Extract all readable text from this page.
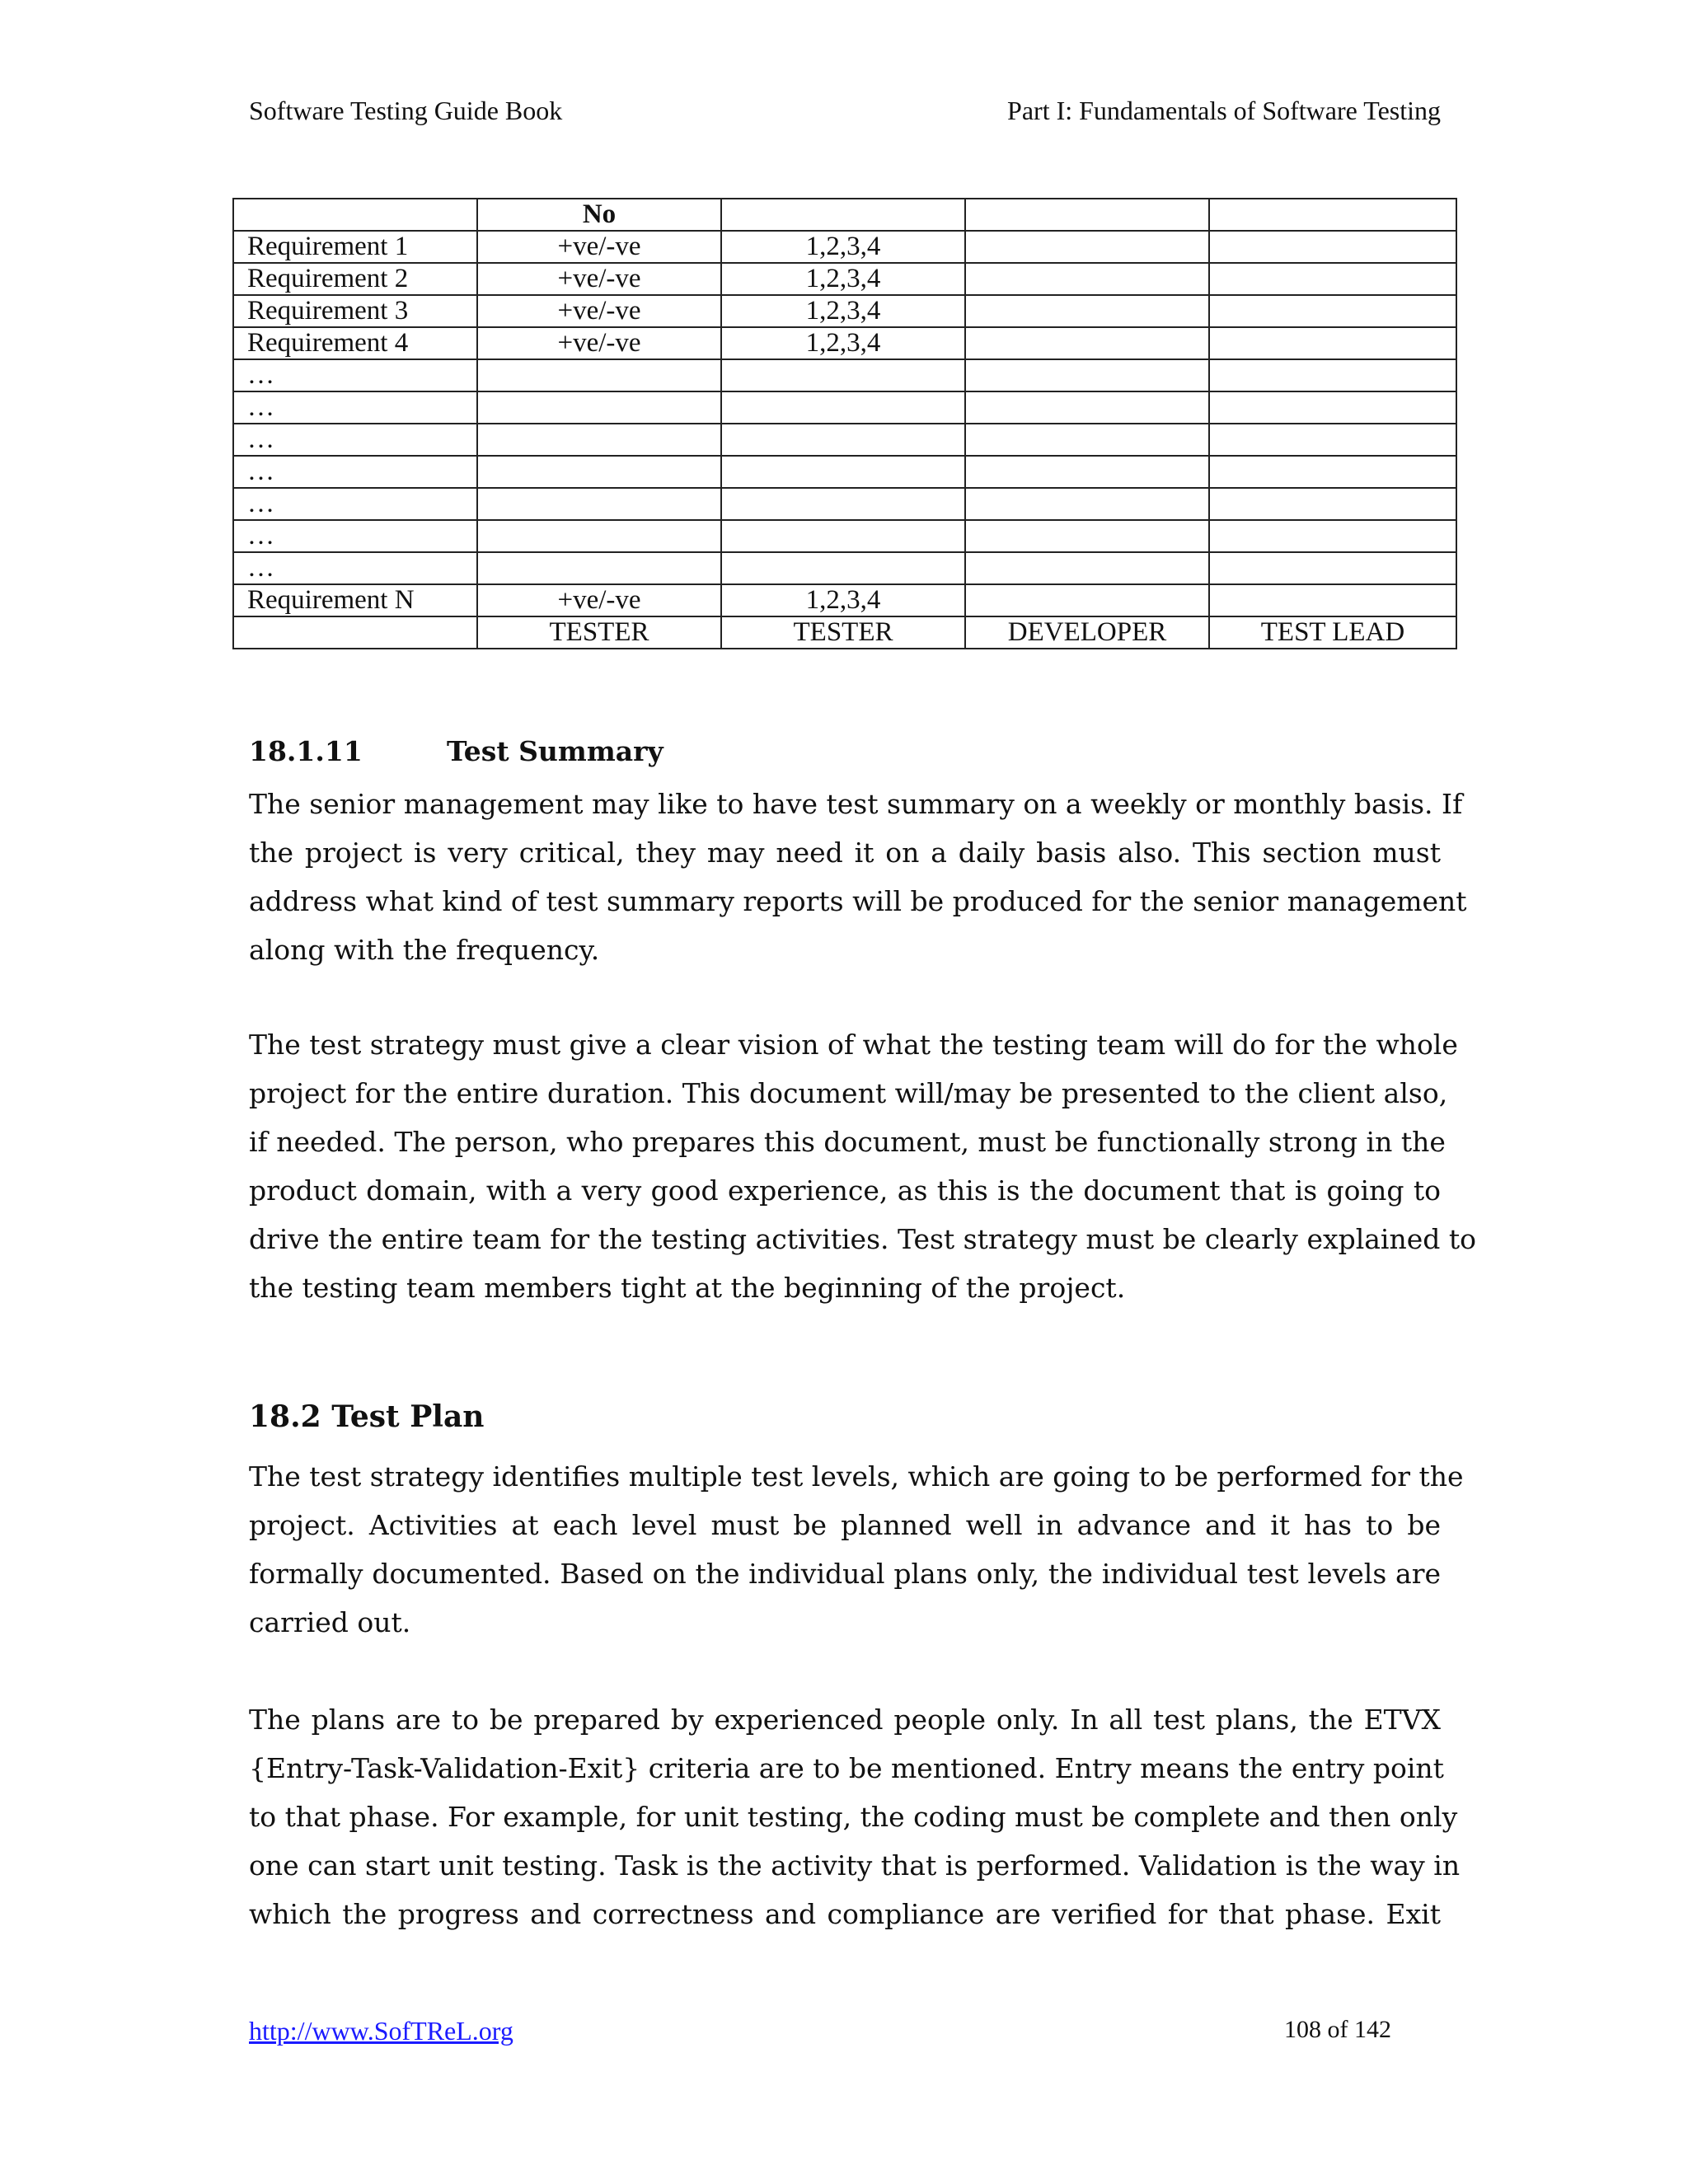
Software Testing Guide Book	Part I: Fundamentals of Software Testing
	No			
Requirement 1	+ve/-ve	1,2,3,4		
Requirement 2	+ve/-ve	1,2,3,4		
Requirement 3	+ve/-ve	1,2,3,4		
Requirement 4	+ve/-ve	1,2,3,4		
…				
…				
…				
…				
…				
…				
…				
Requirement N	+ve/-ve	1,2,3,4		
	TESTER	TESTER	DEVELOPER	TEST LEAD
18.1.11	Test Summary
The senior management may like to have test summary on a weekly or monthly basis. If
the project is very critical, they may need it on a daily basis also. This section must
address what kind of test summary reports will be produced for the senior management
along with the frequency.
The test strategy must give a clear vision of what the testing team will do for the whole
project for the entire duration. This document will/may be presented to the client also,
if needed. The person, who prepares this document, must be functionally strong in the
product domain, with a very good experience, as this is the document that is going to
drive the entire team for the testing activities. Test strategy must be clearly explained to
the testing team members tight at the beginning of the project.
18.2 Test Plan
The test strategy identifies multiple test levels, which are going to be performed for the
project. Activities at each level must be planned well in advance and it has to be
formally documented. Based on the individual plans only, the individual test levels are
carried out.
The plans are to be prepared by experienced people only. In all test plans, the ETVX
{Entry-Task-Validation-Exit} criteria are to be mentioned. Entry means the entry point
to that phase. For example, for unit testing, the coding must be complete and then only
one can start unit testing. Task is the activity that is performed. Validation is the way in
which the progress and correctness and compliance are verified for that phase. Exit
http://www.SofTReL.org	108 of 142
